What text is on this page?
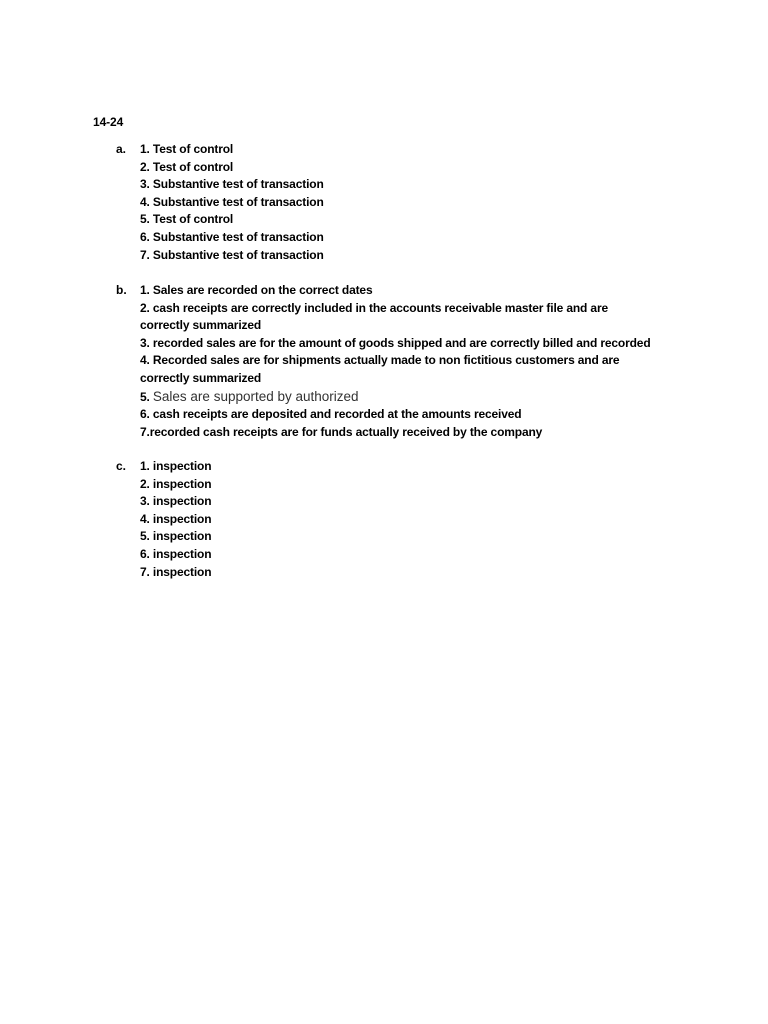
14-24
a. 1. Test of control
2. Test of control
3. Substantive test of transaction
4. Substantive test of transaction
5. Test of control
6. Substantive test of transaction
7. Substantive test of transaction
b. 1. Sales are recorded on the correct dates
2. cash receipts are correctly included in the accounts receivable master file and are correctly summarized
3. recorded sales are for the amount of goods shipped and are correctly billed and recorded
4. Recorded sales are for shipments actually made to non fictitious customers and are correctly summarized
5. Sales are supported by authorized
6. cash receipts are deposited and recorded at the amounts received
7.recorded cash receipts are for funds actually received by the company
c. 1. inspection
2. inspection
3. inspection
4. inspection
5. inspection
6. inspection
7. inspection
